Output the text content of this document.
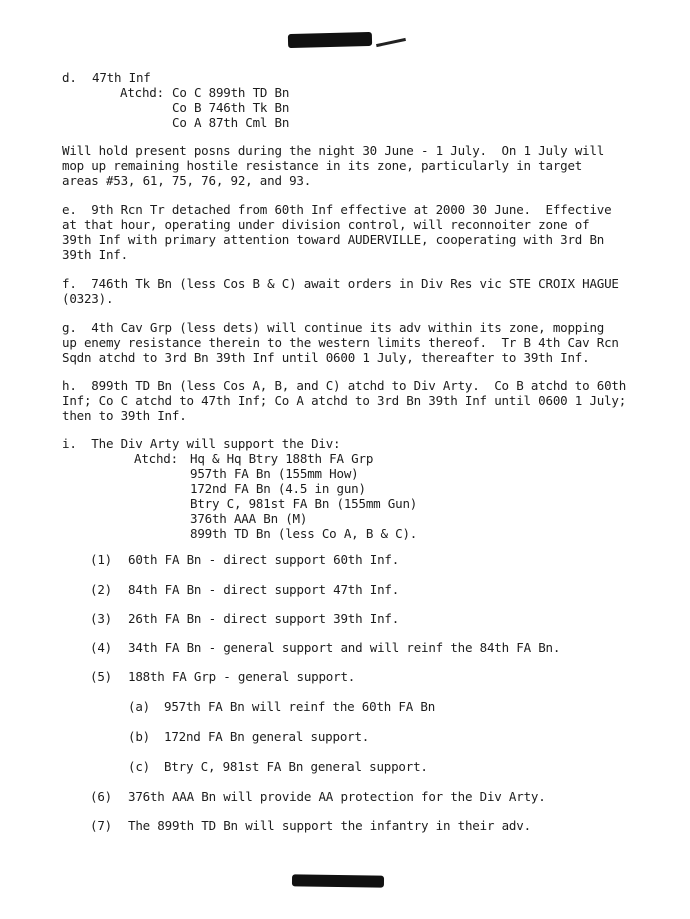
SECRET
d. 47th Inf
Atchd: Co C 899th TD Bn
Co B 746th Tk Bn
Co A 87th Cml Bn
Will hold present posns during the night 30 June - 1 July.  On 1 July will
mop up remaining hostile resistance in its zone, particularly in target
areas #53, 61, 75, 76, 92, and 93.
e.  9th Rcn Tr detached from 60th Inf effective at 2000 30 June.  Effective
at that hour, operating under division control, will reconnoiter zone of
39th Inf with primary attention toward AUDERVILLE, cooperating with 3rd Bn
39th Inf.
f.  746th Tk Bn (less Cos B & C) await orders in Div Res vic STE CROIX HAGUE
(0323).
g.  4th Cav Grp (less dets) will continue its adv within its zone, mopping
up enemy resistance therein to the western limits thereof.  Tr B 4th Cav Rcn
Sqdn atchd to 3rd Bn 39th Inf until 0600 1 July, thereafter to 39th Inf.
h.  899th TD Bn (less Cos A, B, and C) atchd to Div Arty.  Co B atchd to 60th
Inf; Co C atchd to 47th Inf; Co A atchd to 3rd Bn 39th Inf until 0600 1 July;
then to 39th Inf.
i.  The Div Arty will support the Div:
Atchd: Hq & Hq Btry 188th FA Grp
957th FA Bn (155mm How)
172nd FA Bn (4.5 in gun)
Btry C, 981st FA Bn (155mm Gun)
376th AAA Bn (M)
899th TD Bn (less Co A, B & C).
(1) 60th FA Bn - direct support 60th Inf.
(2) 84th FA Bn - direct support 47th Inf.
(3) 26th FA Bn - direct support 39th Inf.
(4) 34th FA Bn - general support and will reinf the 84th FA Bn.
(5) 188th FA Grp - general support.
(a) 957th FA Bn will reinf the 60th FA Bn
(b) 172nd FA Bn general support.
(c) Btry C, 981st FA Bn general support.
(6) 376th AAA Bn will provide AA protection for the Div Arty.
(7) The 899th TD Bn will support the infantry in their adv.
SECRET
